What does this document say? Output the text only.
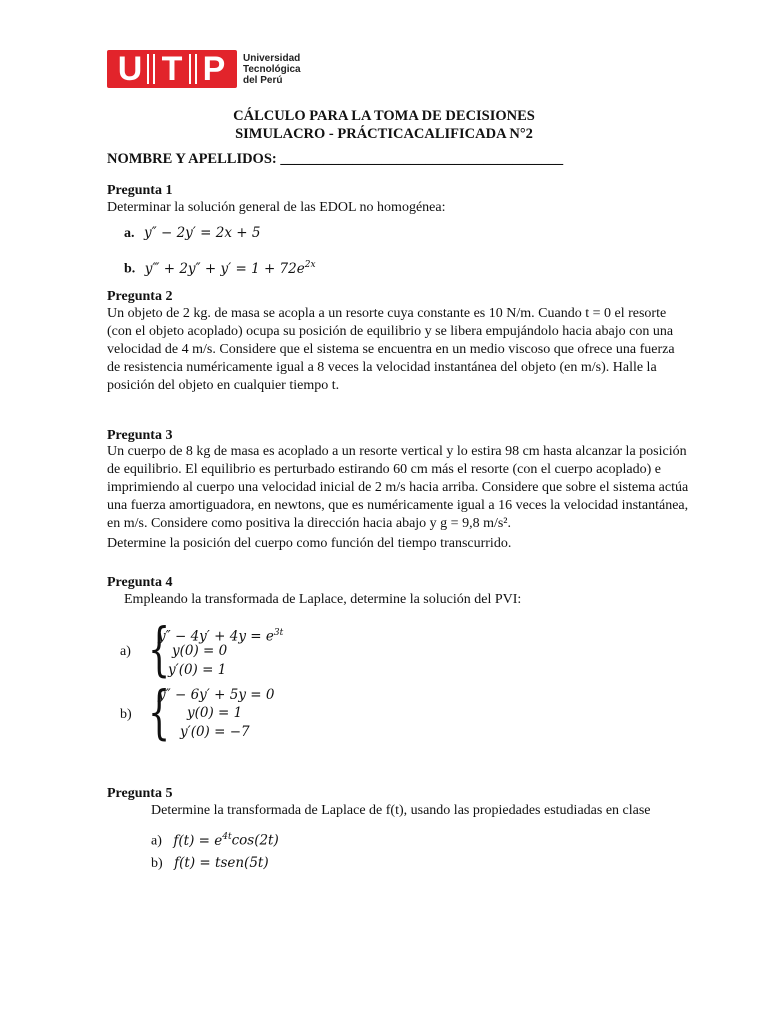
U T P	Universidad
Tecnológica
del Perú
CÁLCULO PARA LA TOMA DE DECISIONES
SIMULACRO - PRÁCTICACALIFICADA N°2
NOMBRE Y APELLIDOS: _______________________________________
Pregunta 1
Determinar la solución general de las EDOL no homogénea:
a. y″ − 2y′ = 2x + 5
b. y‴ + $2y'' + y' = 1 + 72e^{2x}$
Pregunta 2
Un objeto de 2 kg. de masa se acopla a un resorte cuya constante es 10 N/m. Cuando t = 0 el resorte
(con el objeto acoplado) ocupa su posición de equilibrio y se libera empujándolo hacia abajo con una
velocidad de 4 m/s. Considere que el sistema se encuentra en un medio viscoso que ofrece una fuerza
de resistencia numéricamente igual a 8 veces la velocidad instantánea del objeto (en m/s). Halle la
posición del objeto en cualquier tiempo t.
Pregunta 3
Un cuerpo de 8 kg de masa es acoplado a un resorte vertical y lo estira 98 cm hasta alcanzar la posición
de equilibrio. El equilibrio es perturbado estirando 60 cm más el resorte (con el cuerpo acoplado) e
imprimiendo al cuerpo una velocidad inicial de 2 m/s hacia arriba. Considere que sobre el sistema actúa
una fuerza amortiguadora, en newtons, que es numéricamente igual a 16 veces la velocidad instantánea,
en m/s. Considere como positiva la dirección hacia abajo y g = 9,8 m/s².
Determine la posición del cuerpo como función del tiempo transcurrido.
Pregunta 4
Empleando la transformada de Laplace, determine la solución del PVI:
a) {
$y'' - 4y' + 4y = e^{3t}$
y(0) = 0
y′(0) = 1
b) {
y″ − 6y′ + 5y = 0
y(0) = 1
y′(0) = −7
Pregunta 5
Determine la transformada de Laplace de f(t), usando las propiedades estudiadas en clase
a) $f(t) = e^{4t}\cos(2t)$
b) f(t) = tsen(5t)
